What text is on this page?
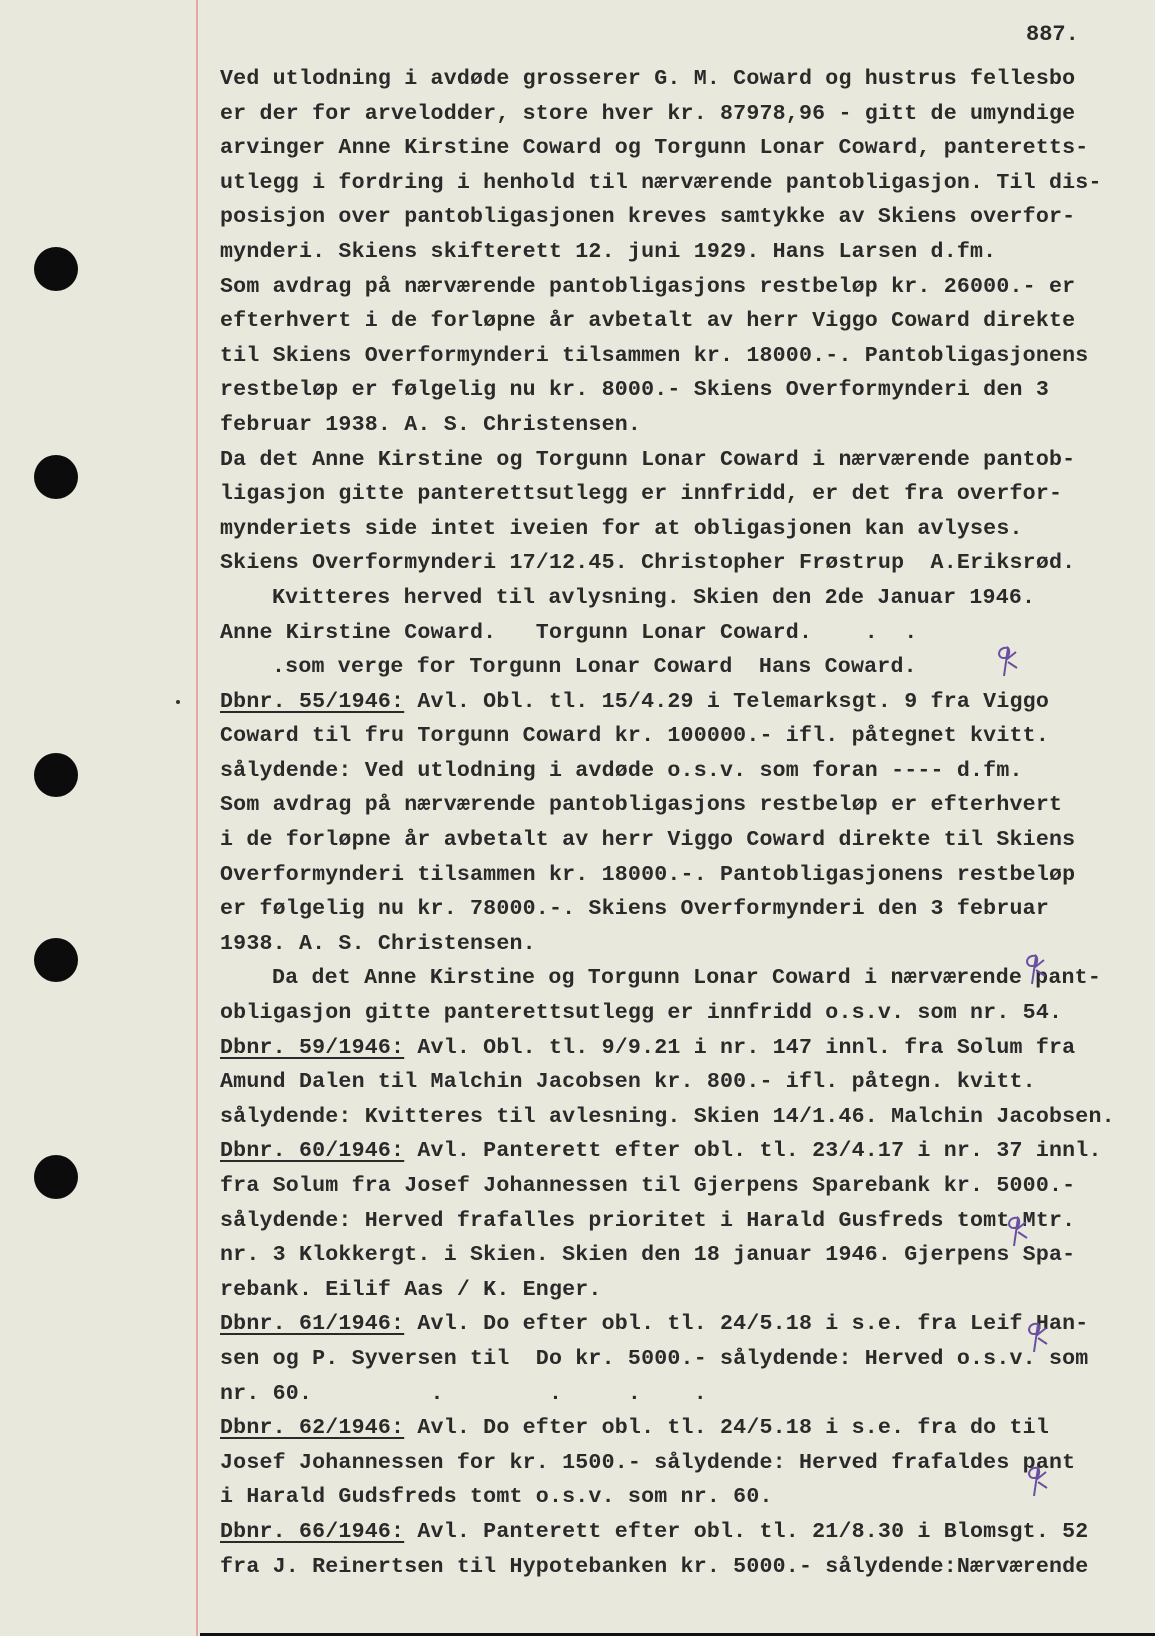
887.
Ved utlodning i avdøde grosserer G. M. Coward og hustrus fellesbo
er der for arvelodder, store hver kr. 87978,96 - gitt de umyndige
arvinger Anne Kirstine Coward og Torgunn Lonar Coward, panteretts-
utlegg i fordring i henhold til nærværende pantobligasjon. Til dis-
posisjon over pantobligasjonen kreves samtykke av Skiens overfor-
mynderi. Skiens skifterett 12. juni 1929. Hans Larsen d.fm.
Som avdrag på nærværende pantobligasjons restbeløp kr. 26000.- er
efterhvert i de forløpne år avbetalt av herr Viggo Coward direkte
til Skiens Overformynderi tilsammen kr. 18000.-. Pantobligasjonens
restbeløp er følgelig nu kr. 8000.- Skiens Overformynderi den 3
februar 1938. A. S. Christensen.
Da det Anne Kirstine og Torgunn Lonar Coward i nærværende pantob-
ligasjon gitte panterettsutlegg er innfridd, er det fra overfor-
mynderiets side intet iveien for at obligasjonen kan avlyses.
Skiens Overformynderi 17/12.45. Christopher Frøstrup  A.Eriksrød.
Kvitteres herved til avlysning. Skien den 2de Januar 1946.
Anne Kirstine Coward.   Torgunn Lonar Coward.    .  .
.som verge for Torgunn Lonar Coward  Hans Coward.
Dbnr. 55/1946: Avl. Obl. tl. 15/4.29 i Telemarksgt. 9 fra Viggo
Coward til fru Torgunn Coward kr. 100000.- ifl. påtegnet kvitt.
sålydende: Ved utlodning i avdøde o.s.v. som foran ---- d.fm.
Som avdrag på nærværende pantobligasjons restbeløp er efterhvert
i de forløpne år avbetalt av herr Viggo Coward direkte til Skiens
Overformynderi tilsammen kr. 18000.-. Pantobligasjonens restbeløp
er følgelig nu kr. 78000.-. Skiens Overformynderi den 3 februar
1938. A. S. Christensen.
Da det Anne Kirstine og Torgunn Lonar Coward i nærværende pant-
obligasjon gitte panterettsutlegg er innfridd o.s.v. som nr. 54.
Dbnr. 59/1946: Avl. Obl. tl. 9/9.21 i nr. 147 innl. fra Solum fra
Amund Dalen til Malchin Jacobsen kr. 800.- ifl. påtegn. kvitt.
sålydende: Kvitteres til avlesning. Skien 14/1.46. Malchin Jacobsen.
Dbnr. 60/1946: Avl. Panterett efter obl. tl. 23/4.17 i nr. 37 innl.
fra Solum fra Josef Johannessen til Gjerpens Sparebank kr. 5000.-
sålydende: Herved frafalles prioritet i Harald Gusfreds tomt Mtr.
nr. 3 Klokkergt. i Skien. Skien den 18 januar 1946. Gjerpens Spa-
rebank. Eilif Aas / K. Enger.
Dbnr. 61/1946: Avl. Do efter obl. tl. 24/5.18 i s.e. fra Leif Han-
sen og P. Syversen til  Do kr. 5000.- sålydende: Herved o.s.v. som
nr. 60.         .        .     .    .
Dbnr. 62/1946: Avl. Do efter obl. tl. 24/5.18 i s.e. fra do til
Josef Johannessen for kr. 1500.- sålydende: Herved frafaldes pant
i Harald Gudsfreds tomt o.s.v. som nr. 60.
Dbnr. 66/1946: Avl. Panterett efter obl. tl. 21/8.30 i Blomsgt. 52
fra J. Reinertsen til Hypotebanken kr. 5000.- sålydende:Nærværende
